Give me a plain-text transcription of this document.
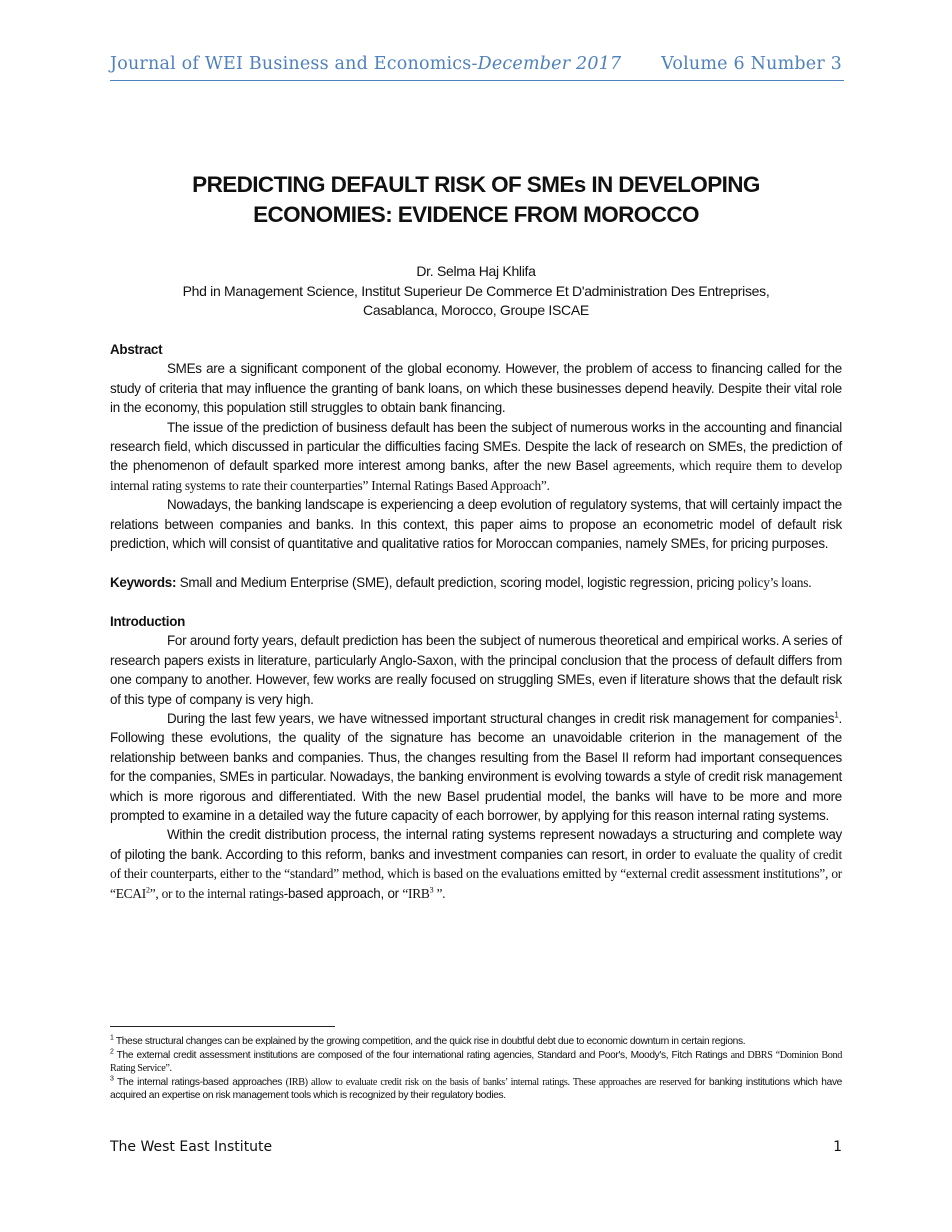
Journal of WEI Business and Economics-December 2017 Volume 6 Number 3
PREDICTING DEFAULT RISK OF SMEs IN DEVELOPING
ECONOMIES: EVIDENCE FROM MOROCCO
Dr. Selma Haj Khlifa
Phd in Management Science, Institut Superieur De Commerce Et D'administration Des Entreprises,
Casablanca, Morocco, Groupe ISCAE

Abstract

SMEs are a significant component of the global economy. However, the problem of access to financing called for the study of criteria that may influence the granting of bank loans, on which these businesses depend heavily. Despite their vital role in the economy, this population still struggles to obtain bank financing.

The issue of the prediction of business default has been the subject of numerous works in the accounting and financial research field, which discussed in particular the difficulties facing SMEs. Despite the lack of research on SMEs, the prediction of the phenomenon of default sparked more interest among banks, after the new Basel agreements, which require them to develop internal rating systems to rate their counterparties” Internal Ratings Based Approach”.

Nowadays, the banking landscape is experiencing a deep evolution of regulatory systems, that will certainly impact the relations between companies and banks. In this context, this paper aims to propose an econometric model of default risk prediction, which will consist of quantitative and qualitative ratios for Moroccan companies, namely SMEs, for pricing purposes.

Keywords: Small and Medium Enterprise (SME), default prediction, scoring model, logistic regression, pricing policy’s loans.

Introduction

For around forty years, default prediction has been the subject of numerous theoretical and empirical works. A series of research papers exists in literature, particularly Anglo-Saxon, with the principal conclusion that the process of default differs from one company to another. However, few works are really focused on struggling SMEs, even if literature shows that the default risk of this type of company is very high.

During the last few years, we have witnessed important structural changes in credit risk management for companies$^1$. Following these evolutions, the quality of the signature has become an unavoidable criterion in the management of the relationship between banks and companies. Thus, the changes resulting from the Basel II reform had important consequences for the companies, SMEs in particular. Nowadays, the banking environment is evolving towards a style of credit risk management which is more rigorous and differentiated. With the new Basel prudential model, the banks will have to be more and more prompted to examine in a detailed way the future capacity of each borrower, by applying for this reason internal rating systems.

Within the credit distribution process, the internal rating systems represent nowadays a structuring and complete way of piloting the bank. According to this reform, banks and investment companies can resort, in order to evaluate the quality of credit of their counterparts, either to the “standard” method, which is based on the evaluations emitted by “external credit assessment institutions”, or “ECAI$^2$”, or to the internal ratings-based approach, or “IRB$^3$ ”.

$^1$ These structural changes can be explained by the growing competition, and the quick rise in doubtful debt due to economic downturn in certain regions.

$^2$ The external credit assessment institutions are composed of the four international rating agencies, Standard and Poor's, Moody's, Fitch Ratings and DBRS “Dominion Bond Rating Service”.

$^3$ The internal ratings-based approaches (IRB) allow to evaluate credit risk on the basis of banks’ internal ratings. These approaches are reserved for banking institutions which have acquired an expertise on risk management tools which is recognized by their regulatory bodies.

The West East Institute	1
